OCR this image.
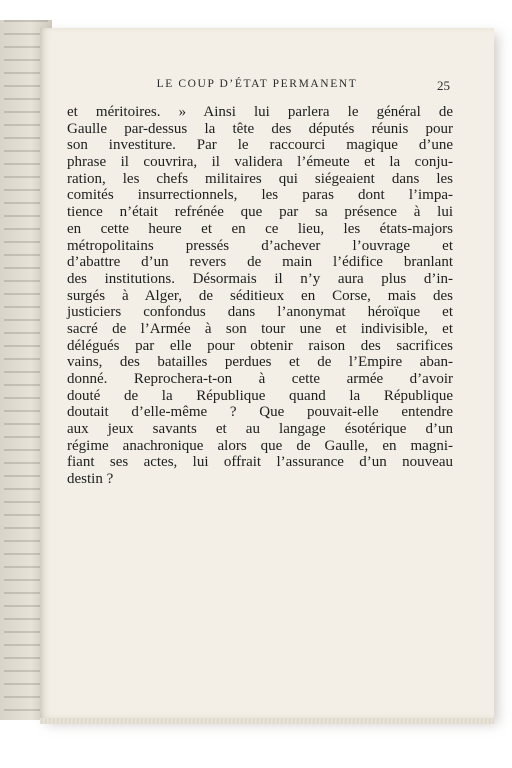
LE COUP D’ÉTAT PERMANENT	25
et méritoires. » Ainsi lui parlera le général de
Gaulle par-dessus la tête des députés réunis pour
son investiture. Par le raccourci magique d’une
phrase il couvrira, il validera l’émeute et la conju-
ration, les chefs militaires qui siégeaient dans les
comités insurrectionnels, les paras dont l’impa-
tience n’était refrénée que par sa présence à lui
en cette heure et en ce lieu, les états-majors
métropolitains pressés d’achever l’ouvrage et
d’abattre d’un revers de main l’édifice branlant
des institutions. Désormais il n’y aura plus d’in-
surgés à Alger, de séditieux en Corse, mais des
justiciers confondus dans l’anonymat héroïque et
sacré de l’Armée à son tour une et indivisible, et
délégués par elle pour obtenir raison des sacrifices
vains, des batailles perdues et de l’Empire aban-
donné. Reprochera-t-on à cette armée d’avoir
douté de la République quand la République
doutait d’elle-même ? Que pouvait-elle entendre
aux jeux savants et au langage ésotérique d’un
régime anachronique alors que de Gaulle, en magni-
fiant ses actes, lui offrait l’assurance d’un nouveau
destin ?
